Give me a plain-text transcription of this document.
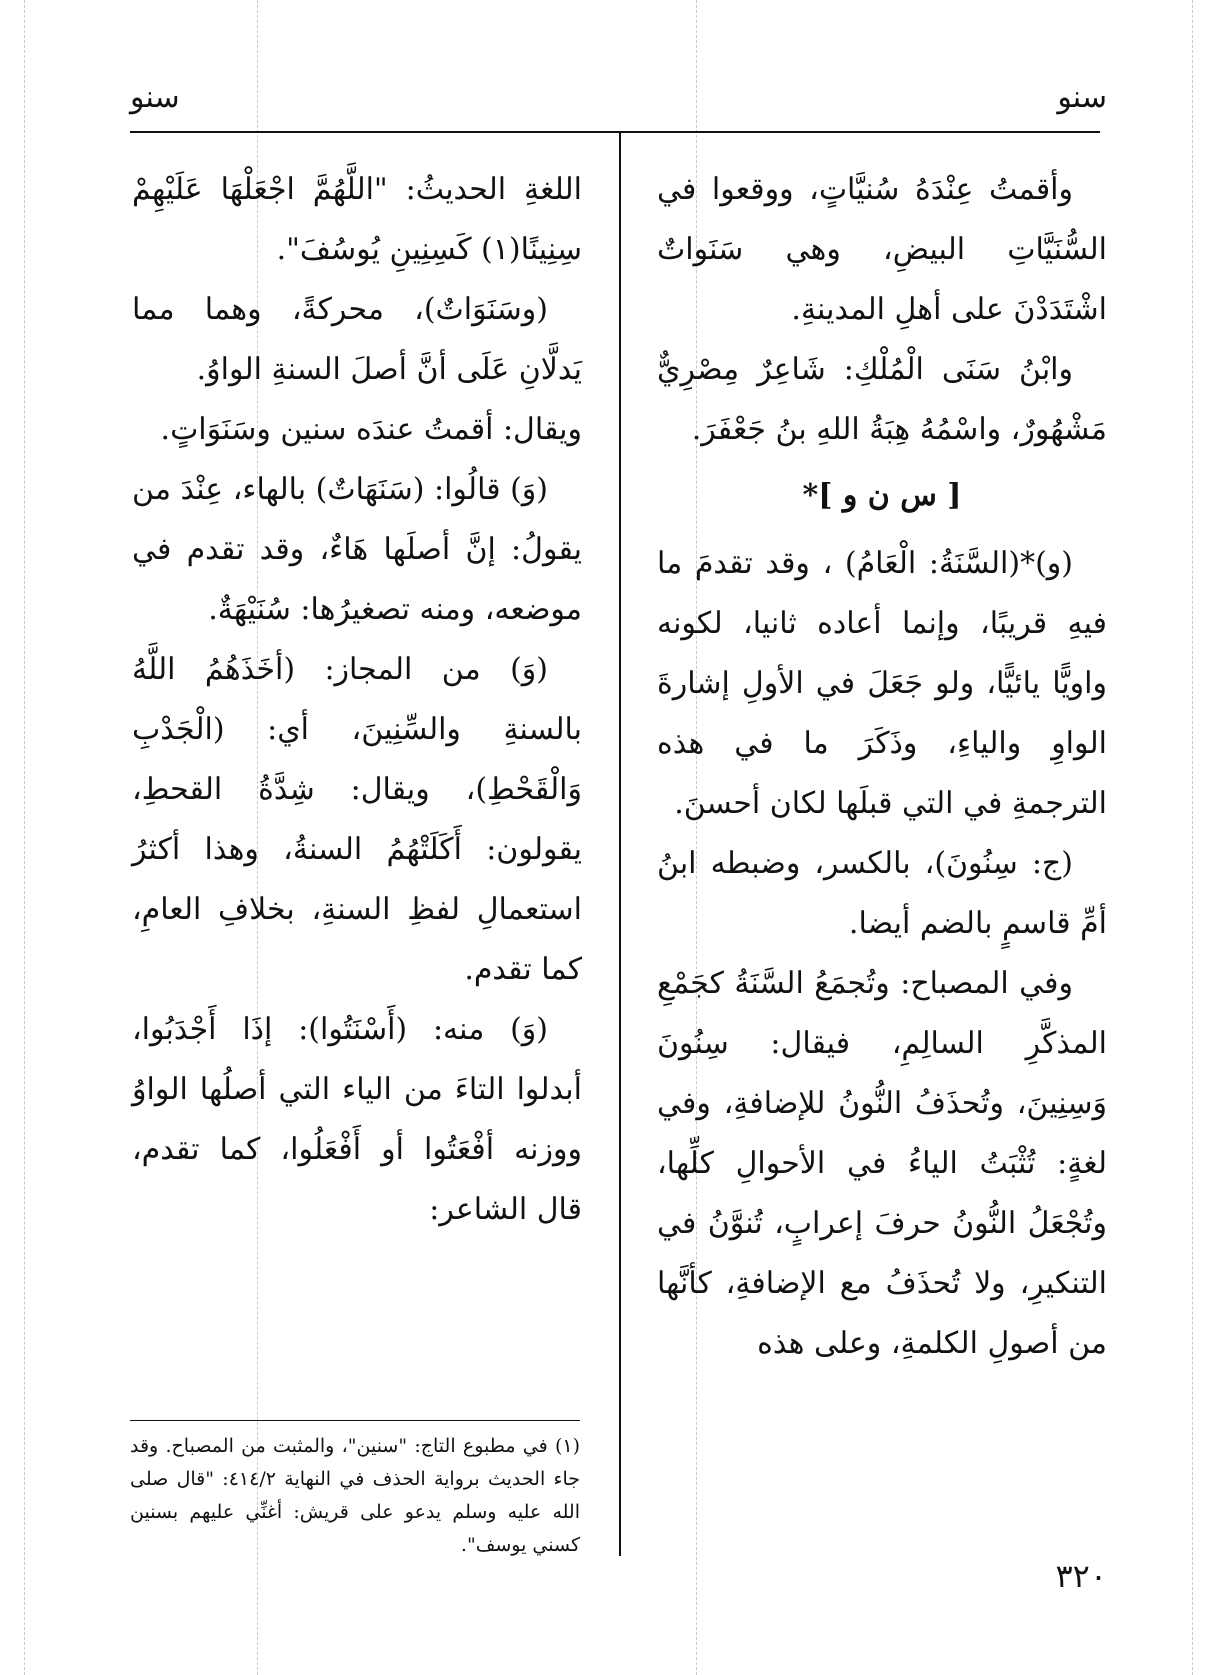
سنو
سنو

وأقمتُ عِنْدَهُ سُنيَّاتٍ، ووقعوا في السُّنَيَّاتِ البيضِ، وهي سَنَواتٌ اشْتَدَدْنَ على أهلِ المدينةِ.

وابْنُ سَنَى الْمُلْكِ: شَاعِرٌ مِصْرِيٌّ مَشْهُورٌ، واسْمُهُ هِبَةُ اللهِ بنُ جَعْفَرَ.

[ س ن و ]*

(و)*(السَّنَةُ: الْعَامُ) ، وقد تقدمَ ما فيهِ قريبًا، وإنما أعاده ثانيا، لكونه واويًّا يائيًّا، ولو جَعَلَ في الأولِ إشارةَ الواوِ والياءِ، وذَكَرَ ما في هذه الترجمةِ في التي قبلَها لكان أحسنَ.

(ج: سِنُونَ)، بالكسر، وضبطه ابنُ أمِّ قاسمٍ بالضم أيضا.

وفي المصباح: وتُجمَعُ السَّنَةُ كجَمْعِ المذكَّرِ السالِمِ، فيقال: سِنُونَ وَسِنِينَ، وتُحذَفُ النُّونُ للإضافةِ، وفي لغةٍ: تُثْبَتُ الياءُ في الأحوالِ كلِّها، وتُجْعَلُ النُّونُ حرفَ إعرابٍ، تُنوَّنُ في التنكيرِ، ولا تُحذَفُ مع الإضافةِ، كأنَّها من أصولِ الكلمةِ، وعلى هذه

اللغةِ الحديثُ: "اللَّهُمَّ اجْعَلْهَا عَلَيْهِمْ سِنِينًا(١) كَسِنِينِ يُوسُفَ".

(وسَنَوَاتٌ)، محركةً، وهما مما يَدلَّانِ عَلَى أنَّ أصلَ السنةِ الواوُ.

ويقال: أقمتُ عندَه سنين وسَنَوَاتٍ.

(وَ) قالُوا: (سَنَهَاتٌ) بالهاء، عِنْدَ من يقولُ: إنَّ أصلَها هَاءٌ، وقد تقدم في موضعه، ومنه تصغيرُها: سُنَيْهَةٌ.

(وَ) من المجاز: (أخَذَهُمُ اللَّهُ بالسنةِ والسِّنِينَ، أي: (الْجَدْبِ وَالْقَحْطِ)، ويقال: شِدَّةُ القحطِ، يقولون: أَكَلَتْهُمُ السنةُ، وهذا أكثرُ استعمالِ لفظِ السنةِ، بخلافِ العامِ، كما تقدم.

(وَ) منه: (أَسْنَتُوا): إذَا أَجْدَبُوا، أبدلوا التاءَ من الياء التي أصلُها الواوُ ووزنه أفْعَتُوا أو أَفْعَلُوا، كما تقدم، قال الشاعر:

(١) في مطبوع التاج: "سنين"، والمثبت من المصباح. وقد جاء الحديث برواية الحذف في النهاية ٤١٤/٢: "قال صلى الله عليه وسلم يدعو على قريش: أغنِّي عليهم بسنين كسني يوسف".
٣٢٠
